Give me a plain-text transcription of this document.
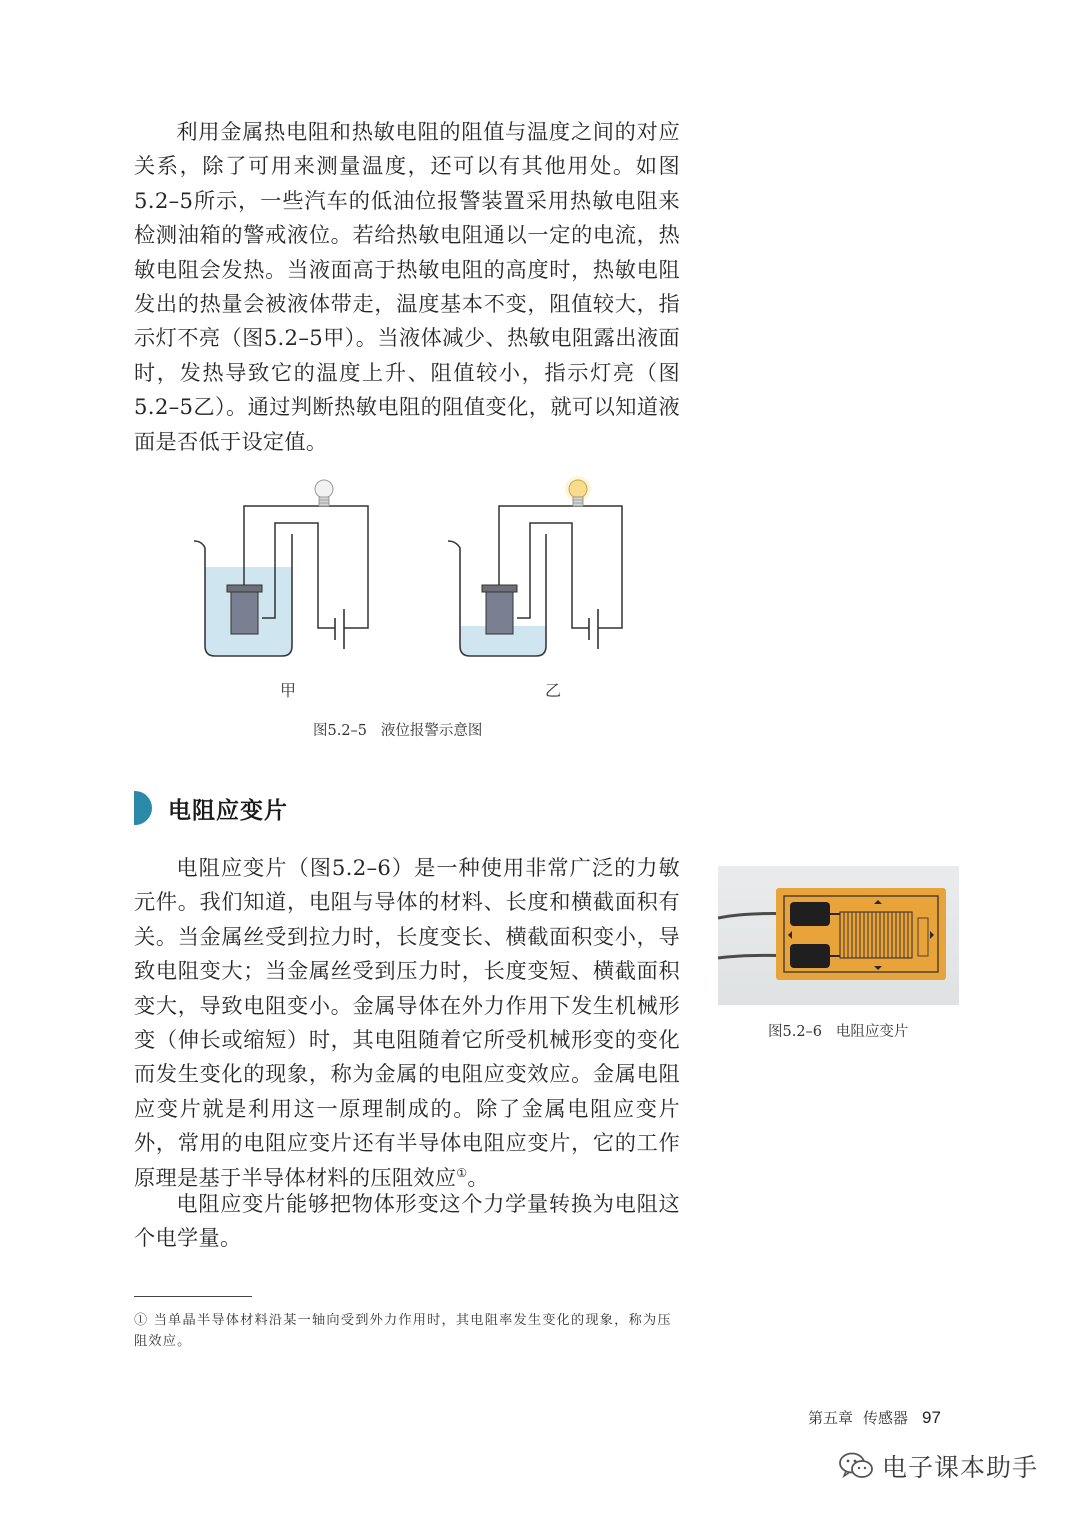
利用金属热电阻和热敏电阻的阻值与温度之间的对应关系，除了可用来测量温度，还可以有其他用处。如图5.2–5所示，一些汽车的低油位报警装置采用热敏电阻来检测油箱的警戒液位。若给热敏电阻通以一定的电流，热敏电阻会发热。当液面高于热敏电阻的高度时，热敏电阻发出的热量会被液体带走，温度基本不变，阻值较大，指示灯不亮（图5.2–5甲）。当液体减少、热敏电阻露出液面时，发热导致它的温度上升、阻值较小，指示灯亮（图5.2–5乙）。通过判断热敏电阻的阻值变化，就可以知道液面是否低于设定值。

甲	乙
图5.2–5   液位报警示意图
电阻应变片

电阻应变片（图5.2–6）是一种使用非常广泛的力敏元件。我们知道，电阻与导体的材料、长度和横截面积有关。当金属丝受到拉力时，长度变长、横截面积变小，导致电阻变大；当金属丝受到压力时，长度变短、横截面积变大，导致电阻变小。金属导体在外力作用下发生机械形变（伸长或缩短）时，其电阻随着它所受机械形变的变化而发生变化的现象，称为金属的电阻应变效应。金属电阻应变片就是利用这一原理制成的。除了金属电阻应变片外，常用的电阻应变片还有半导体电阻应变片，它的工作原理是基于半导体材料的压阻效应①。

图5.2–6   电阻应变片

电阻应变片能够把物体形变这个力学量转换为电阻这个电学量。

① 当单晶半导体材料沿某一轴向受到外力作用时，其电阻率发生变化的现象，称为压阻效应。

第五章 传感器 97
电子课本助手
